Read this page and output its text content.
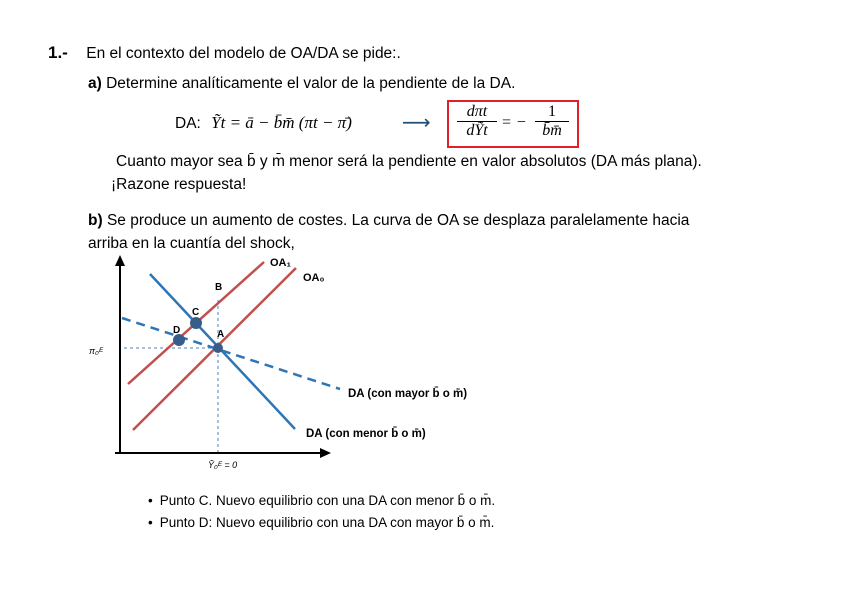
1.- En el contexto del modelo de OA/DA se pide:.
a) Determine analíticamente el valor de la pendiente de la DA.
DA: Ỹt = ā − b̄m̄ (πt − π̄)	⟶
dπt
dỸt = − $\frac{1}{b̄m̄}$
Cuanto mayor sea b̄ y m̄ menor será la pendiente en valor absolutos (DA más plana).
¡Razone respuesta!
b) Se produce un aumento de costes. La curva de OA se desplaza paralelamente hacia
arriba en la cuantía del shock,
B
C
D	A
OA₁
OA₀
DA (con mayor b̄ o m̄)
DA (con menor b̄ o m̄)
π₀ᴱ
Ỹ₀ᴱ = 0
• Punto C. Nuevo equilibrio con una DA con menor b̄ o m̄.
• Punto D: Nuevo equilibrio con una DA con mayor b̄ o m̄.
